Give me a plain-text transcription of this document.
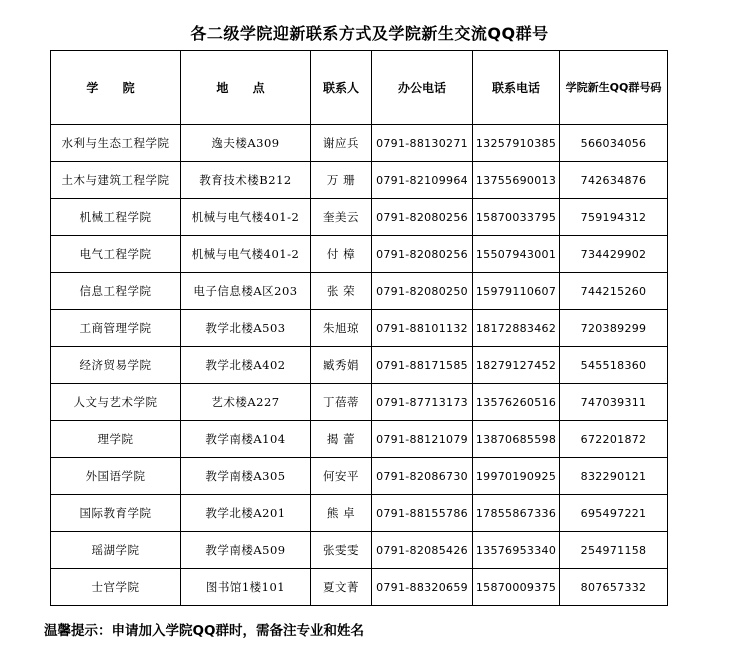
各二级学院迎新联系方式及学院新生交流QQ群号
学 院	地 点	联系人	办公电话	联系电话	学院新生QQ群号码
水利与生态工程学院	逸夫楼A309	谢应兵	0791-88130271	13257910385	566034056
土木与建筑工程学院	教育技术楼B212	万 珊	0791-82109964	13755690013	742634876
机械工程学院	机械与电气楼401-2	奎美云	0791-82080256	15870033795	759194312
电气工程学院	机械与电气楼401-2	付 樟	0791-82080256	15507943001	734429902
信息工程学院	电子信息楼A区203	张 荣	0791-82080250	15979110607	744215260
工商管理学院	教学北楼A503	朱旭琼	0791-88101132	18172883462	720389299
经济贸易学院	教学北楼A402	臧秀娟	0791-88171585	18279127452	545518360
人文与艺术学院	艺术楼A227	丁蓓蒂	0791-87713173	13576260516	747039311
理学院	教学南楼A104	揭 蕾	0791-88121079	13870685598	672201872
外国语学院	教学南楼A305	何安平	0791-82086730	19970190925	832290121
国际教育学院	教学北楼A201	熊 卓	0791-88155786	17855867336	695497221
瑶湖学院	教学南楼A509	张雯雯	0791-82085426	13576953340	254971158
士官学院	图书馆1楼101	夏文菁	0791-88320659	15870009375	807657332
温馨提示：申请加入学院QQ群时，需备注专业和姓名
